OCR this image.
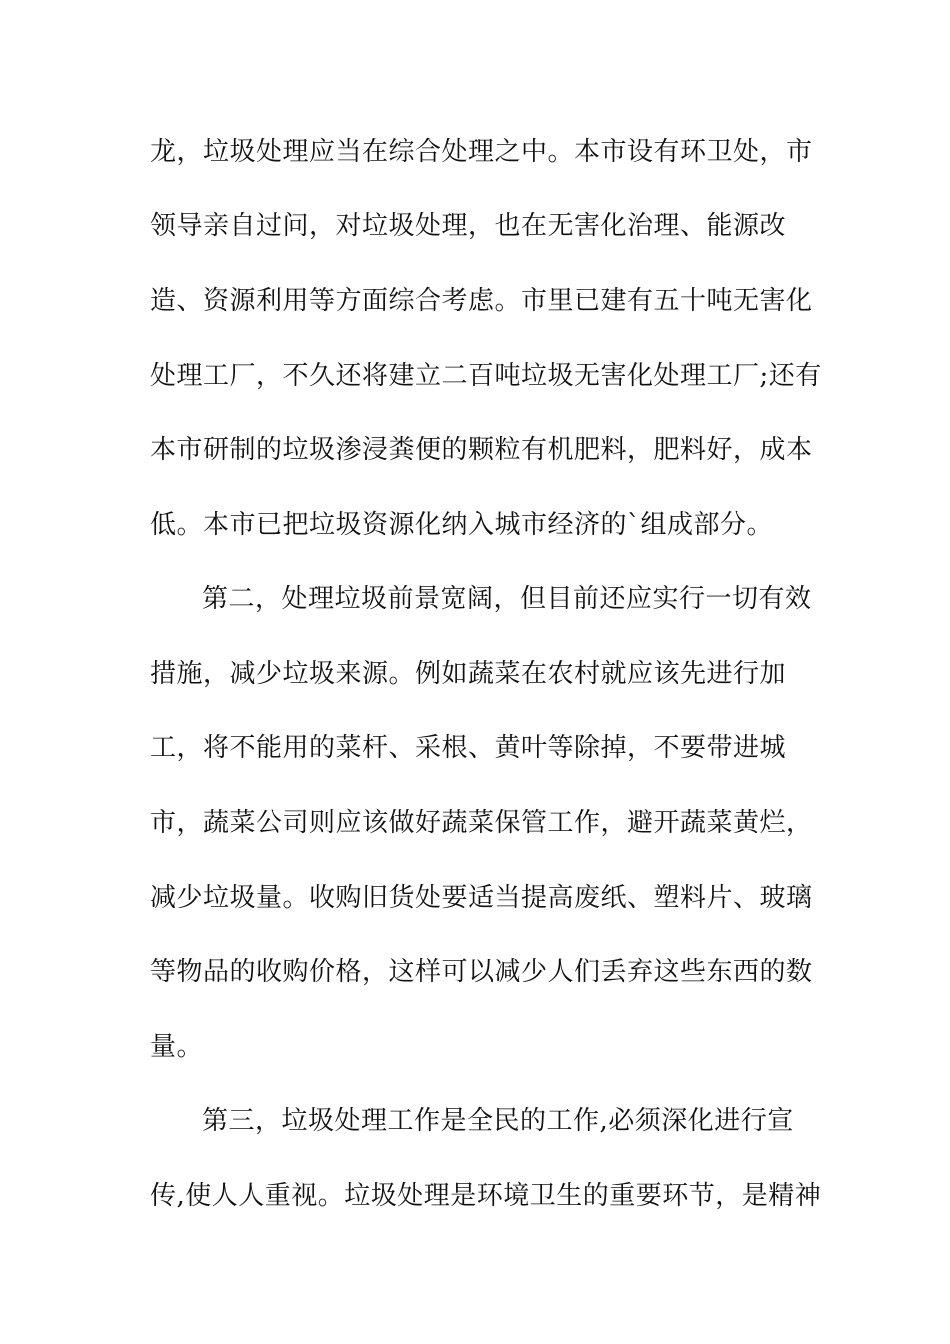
龙，垃圾处理应当在综合处理之中。本市设有环卫处，市
领导亲自过问，对垃圾处理，也在无害化治理、能源改
造、资源利用等方面综合考虑。市里已建有五十吨无害化
处理工厂，不久还将建立二百吨垃圾无害化处理工厂;还有
本市研制的垃圾渗浸粪便的颗粒有机肥料，肥料好，成本
低。本市已把垃圾资源化纳入城市经济的`组成部分。
第二，处理垃圾前景宽阔，但目前还应实行一切有效
措施，减少垃圾来源。例如蔬菜在农村就应该先进行加
工，将不能用的菜杆、采根、黄叶等除掉，不要带进城
市，蔬菜公司则应该做好蔬菜保管工作，避开蔬菜黄烂，
减少垃圾量。收购旧货处要适当提高废纸、塑料片、玻璃
等物品的收购价格，这样可以减少人们丢弃这些东西的数
量。
第三，垃圾处理工作是全民的工作,必须深化进行宣
传,使人人重视。垃圾处理是环境卫生的重要环节，是精神
